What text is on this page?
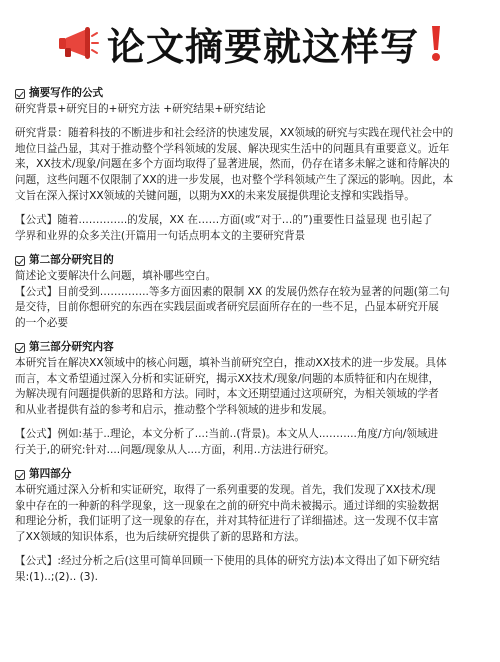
论文摘要就这样写
摘要写作的公式
研究背景+研究目的+研究方法 +研究结果+研究结论
研究背景：随着科技的不断进步和社会经济的快速发展，XX领域的研究与实践在现代社会中的
地位日益凸显，其对于推动整个学科领域的发展、解决现实生活中的问题具有重要意义。近年
来，XX技术/现象/问题在多个方面均取得了显著进展，然而，仍存在诸多未解之谜和待解决的
问题，这些问题不仅限制了XX的进一步发展，也对整个学科领域产生了深远的影响。因此，本
文旨在深入探讨XX领域的关键问题，以期为XX的未来发展提供理论支撑和实践指导。
【公式】随着..………...的发展，XX 在……方面(或“对于…的”)重要性日益显现 也引起了
学界和业界的众多关注(开篇用一句话点明本文的主要研究背景
第二部分研究目的
简述论文要解决什么问题，填补哪些空白。
【公式】目前受到…………..等多方面因素的限制 XX 的发展仍然存在较为显著的问题(第二句
是交待，目前你想研究的东西在实践层面或者研究层面所存在的一些不足，凸显本研究开展
的一个必要
第三部分研究内容
本研究旨在解决XX领域中的核心问题，填补当前研究空白，推动XX技术的进一步发展。具体
而言，本文希望通过深入分析和实证研究，揭示XX技术/现象/问题的本质特征和内在规律，
为解决现有问题提供新的思路和方法。同时，本文还期望通过这项研究，为相关领域的学者
和从业者提供有益的参考和启示，推动整个学科领域的进步和发展。
【公式】例如:基于..理论，本文分析了...:当前..(背景)。本文从人..……...角度/方向/领域进
行关于,的研究:针对....问题/现象从人....方面，利用..方法进行研究。
第四部分
本研究通过深入分析和实证研究，取得了一系列重要的发现。首先，我们发现了XX技术/现
象中存在的一种新的科学现象，这一现象在之前的研究中尚未被揭示。通过详细的实验数据
和理论分析，我们证明了这一现象的存在，并对其特征进行了详细描述。这一发现不仅丰富
了XX领域的知识体系，也为后续研究提供了新的思路和方法。
【公式】:经过分析之后(这里可简单回顾一下使用的具体的研究方法)本文得出了如下研究结
果:(1)..;(2).. (3).
